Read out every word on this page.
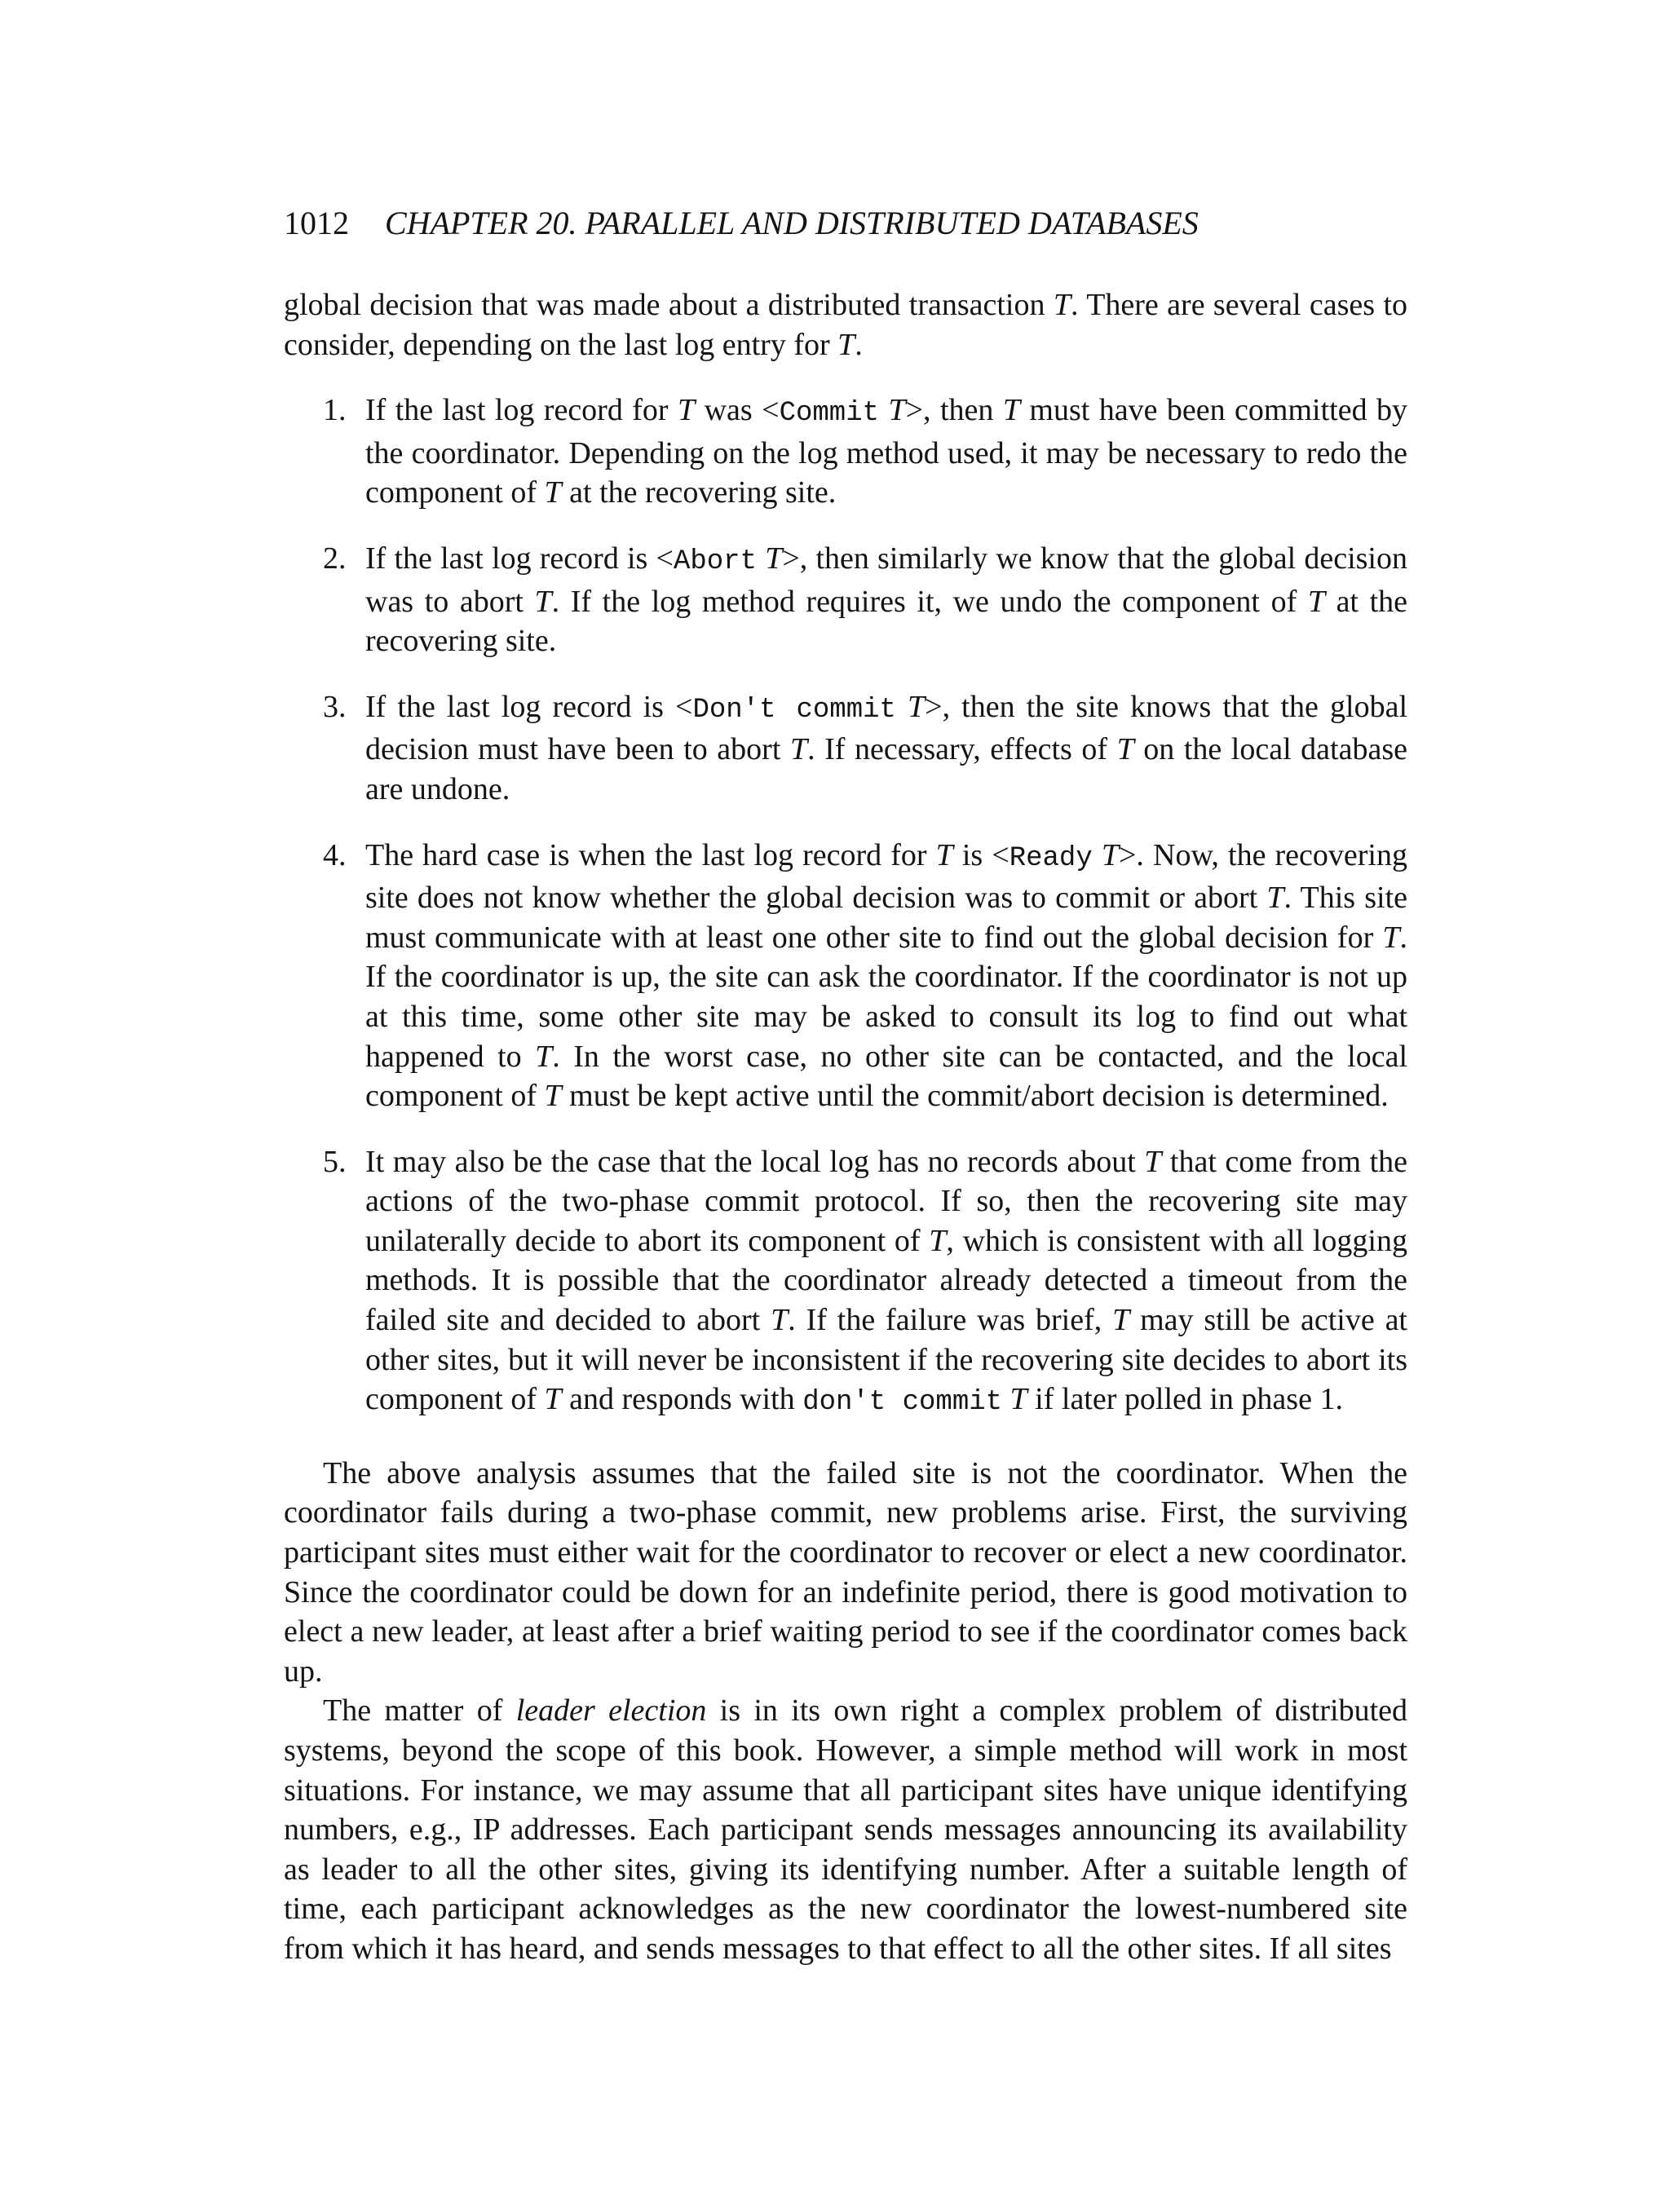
1012	CHAPTER 20. PARALLEL AND DISTRIBUTED DATABASES

global decision that was made about a distributed transaction T. There are several cases to consider, depending on the last log entry for T.

1. If the last log record for T was <Commit T>, then T must have been committed by the coordinator. Depending on the log method used, it may be necessary to redo the component of T at the recovering site.
2. If the last log record is <Abort T>, then similarly we know that the global decision was to abort T. If the log method requires it, we undo the component of T at the recovering site.
3. If the last log record is <Don't commit T>, then the site knows that the global decision must have been to abort T. If necessary, effects of T on the local database are undone.
4. The hard case is when the last log record for T is <Ready T>. Now, the recovering site does not know whether the global decision was to commit or abort T. This site must communicate with at least one other site to find out the global decision for T. If the coordinator is up, the site can ask the coordinator. If the coordinator is not up at this time, some other site may be asked to consult its log to find out what happened to T. In the worst case, no other site can be contacted, and the local component of T must be kept active until the commit/abort decision is determined.
5. It may also be the case that the local log has no records about T that come from the actions of the two-phase commit protocol. If so, then the recovering site may unilaterally decide to abort its component of T, which is consistent with all logging methods. It is possible that the coordinator already detected a timeout from the failed site and decided to abort T. If the failure was brief, T may still be active at other sites, but it will never be inconsistent if the recovering site decides to abort its component of T and responds with don't commit T if later polled in phase 1.

The above analysis assumes that the failed site is not the coordinator. When the coordinator fails during a two-phase commit, new problems arise. First, the surviving participant sites must either wait for the coordinator to recover or elect a new coordinator. Since the coordinator could be down for an indefinite period, there is good motivation to elect a new leader, at least after a brief waiting period to see if the coordinator comes back up.

The matter of leader election is in its own right a complex problem of distributed systems, beyond the scope of this book. However, a simple method will work in most situations. For instance, we may assume that all participant sites have unique identifying numbers, e.g., IP addresses. Each participant sends messages announcing its availability as leader to all the other sites, giving its identifying number. After a suitable length of time, each participant acknowledges as the new coordinator the lowest-numbered site from which it has heard, and sends messages to that effect to all the other sites. If all sites
